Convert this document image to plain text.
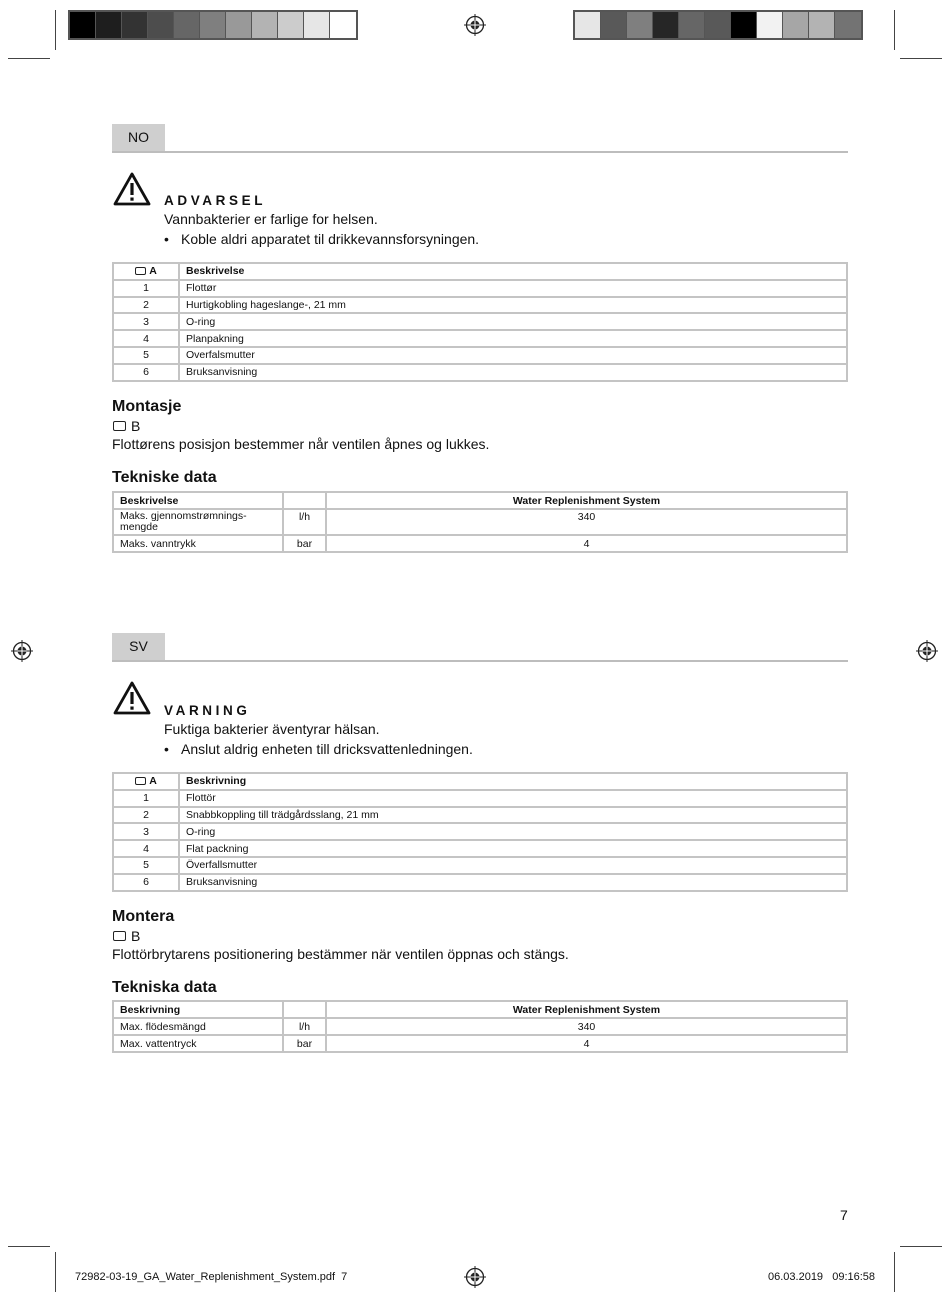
NO
ADVARSEL
Vannbakterier er farlige for helsen.
• Koble aldri apparatet til drikkevannsforsyningen.
A	Beskrivelse
1	Flottør
2	Hurtigkobling hageslange-, 21 mm
3	O-ring
4	Planpakning
5	Overfalsmutter
6	Bruksanvisning
Montasje
B
Flottørens posisjon bestemmer når ventilen åpnes og lukkes.
Tekniske data
Beskrivelse		Water Replenishment System
Maks. gjennomstrømnings-
mengde	l/h	340
Maks. vanntrykk	bar	4
SV
VARNING
Fuktiga bakterier äventyrar hälsan.
• Anslut aldrig enheten till dricksvattenledningen.
A	Beskrivning
1	Flottör
2	Snabbkoppling till trädgårdsslang, 21 mm
3	O-ring
4	Flat packning
5	Överfallsmutter
6	Bruksanvisning
Montera
B
Flottörbrytarens positionering bestämmer när ventilen öppnas och stängs.
Tekniska data
Beskrivning		Water Replenishment System
Max. flödesmängd	l/h	340
Max. vattentryck	bar	4
7
72982-03-19_GA_Water_Replenishment_System.pdf  7	06.03.2019   09:16:58
